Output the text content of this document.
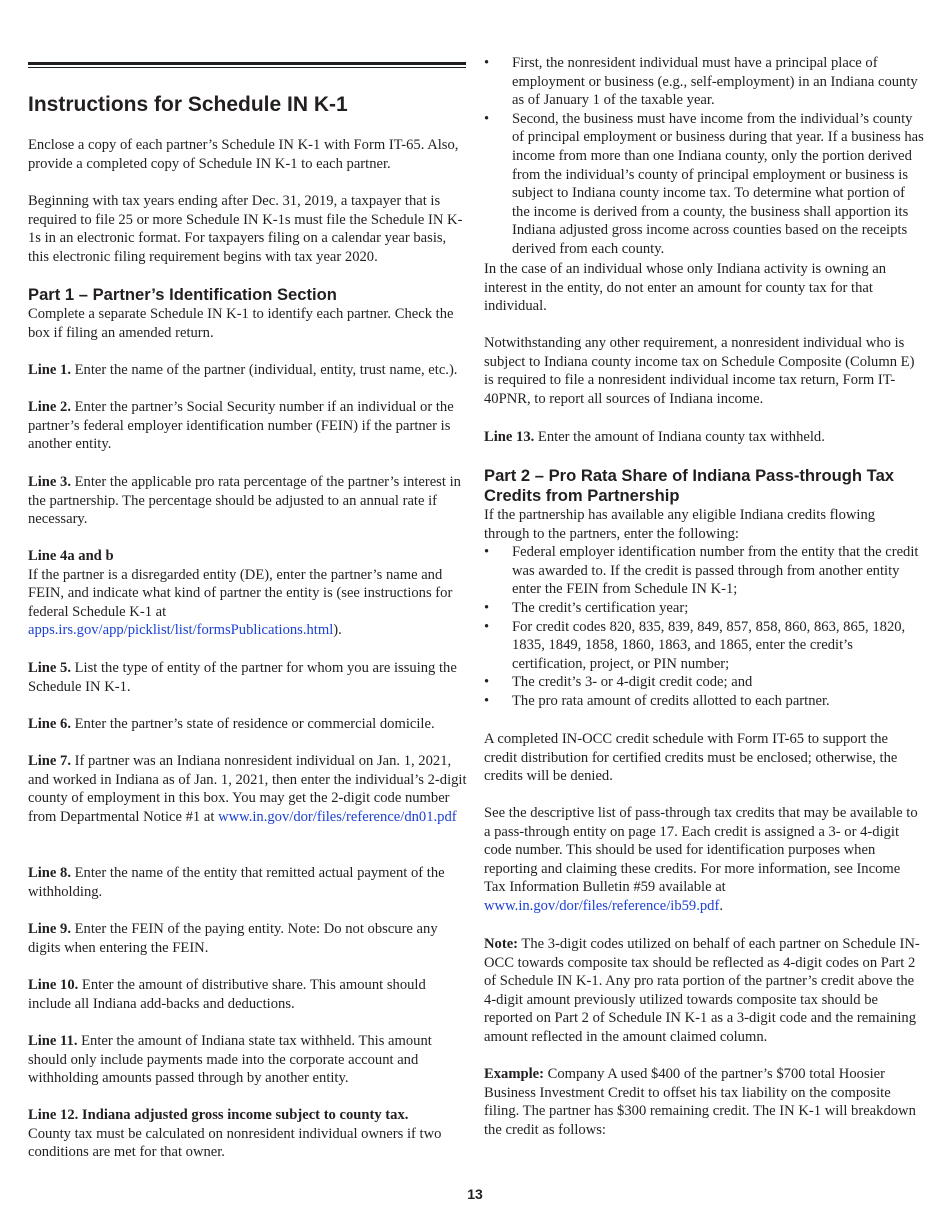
Instructions for Schedule IN K-1

Enclose a copy of each partner’s Schedule IN K-1 with Form IT-65. Also, provide a completed copy of Schedule IN K-1 to each partner.

Beginning with tax years ending after Dec. 31, 2019, a taxpayer that is required to file 25 or more Schedule IN K-1s must file the Schedule IN K-1s in an electronic format. For taxpayers filing on a calendar year basis, this electronic filing requirement begins with tax year 2020.

Part 1 – Partner’s Identification Section

Complete a separate Schedule IN K-1 to identify each partner. Check the box if filing an amended return.

Line 1. Enter the name of the partner (individual, entity, trust name, etc.).

Line 2. Enter the partner’s Social Security number if an individual or the partner’s federal employer identification number (FEIN) if the partner is another entity.

Line 3. Enter the applicable pro rata percentage of the partner’s interest in the partnership. The percentage should be adjusted to an annual rate if necessary.

Line 4a and b

If the partner is a disregarded entity (DE), enter the partner’s name and FEIN, and indicate what kind of partner the entity is (see instructions for federal Schedule K-1 at apps.irs.gov/app/picklist/list/formsPublications.html).

Line 5. List the type of entity of the partner for whom you are issuing the Schedule IN K-1.

Line 6. Enter the partner’s state of residence or commercial domicile.

Line 7. If partner was an Indiana nonresident individual on Jan. 1, 2021, and worked in Indiana as of Jan. 1, 2021, then enter the individual’s 2-digit county of employment in this box. You may get the 2-digit code number from Departmental Notice #1 at www.in.gov/dor/files/reference/dn01.pdf

Line 8. Enter the name of the entity that remitted actual payment of the withholding.

Line 9. Enter the FEIN of the paying entity. Note: Do not obscure any digits when entering the FEIN.

Line 10. Enter the amount of distributive share. This amount should include all Indiana add-backs and deductions.

Line 11. Enter the amount of Indiana state tax withheld. This amount should only include payments made into the corporate account and withholding amounts passed through by another entity.

Line 12. Indiana adjusted gross income subject to county tax.

County tax must be calculated on nonresident individual owners if two conditions are met for that owner.

• First, the nonresident individual must have a principal place of employment or business (e.g., self-employment) in an Indiana county as of January 1 of the taxable year.
• Second, the business must have income from the individual’s county of principal employment or business during that year. If a business has income from more than one Indiana county, only the portion derived from the individual’s county of principal employment or business is subject to Indiana county income tax. To determine what portion of the income is derived from a county, the business shall apportion its Indiana adjusted gross income across counties based on the receipts derived from each county.

In the case of an individual whose only Indiana activity is owning an interest in the entity, do not enter an amount for county tax for that individual.

Notwithstanding any other requirement, a nonresident individual who is subject to Indiana county income tax on Schedule Composite (Column E) is required to file a nonresident individual income tax return, Form IT-40PNR, to report all sources of Indiana income.

Line 13. Enter the amount of Indiana county tax withheld.

Part 2 – Pro Rata Share of Indiana Pass-through Tax Credits from Partnership

If the partnership has available any eligible Indiana credits flowing through to the partners, enter the following:

• Federal employer identification number from the entity that the credit was awarded to. If the credit is passed through from another entity enter the FEIN from Schedule IN K-1;
• The credit’s certification year;
• For credit codes 820, 835, 839, 849, 857, 858, 860, 863, 865, 1820, 1835, 1849, 1858, 1860, 1863, and 1865, enter the credit’s certification, project, or PIN number;
• The credit’s 3- or 4-digit credit code; and
• The pro rata amount of credits allotted to each partner.

A completed IN-OCC credit schedule with Form IT-65 to support the credit distribution for certified credits must be enclosed; otherwise, the credits will be denied.

See the descriptive list of pass-through tax credits that may be available to a pass-through entity on page 17. Each credit is assigned a 3- or 4-digit code number. This should be used for identification purposes when reporting and claiming these credits. For more information, see Income Tax Information Bulletin #59 available at www.in.gov/dor/files/reference/ib59.pdf.

Note: The 3-digit codes utilized on behalf of each partner on Schedule IN-OCC towards composite tax should be reflected as 4-digit codes on Part 2 of Schedule IN K-1. Any pro rata portion of the partner’s credit above the 4-digit amount previously utilized towards composite tax should be reported on Part 2 of Schedule IN K-1 as a 3-digit code and the remaining amount reflected in the amount claimed column.

Example: Company A used $400 of the partner’s $700 total Hoosier Business Investment Credit to offset his tax liability on the composite filing. The partner has $300 remaining credit. The IN K-1 will breakdown the credit as follows:

13
